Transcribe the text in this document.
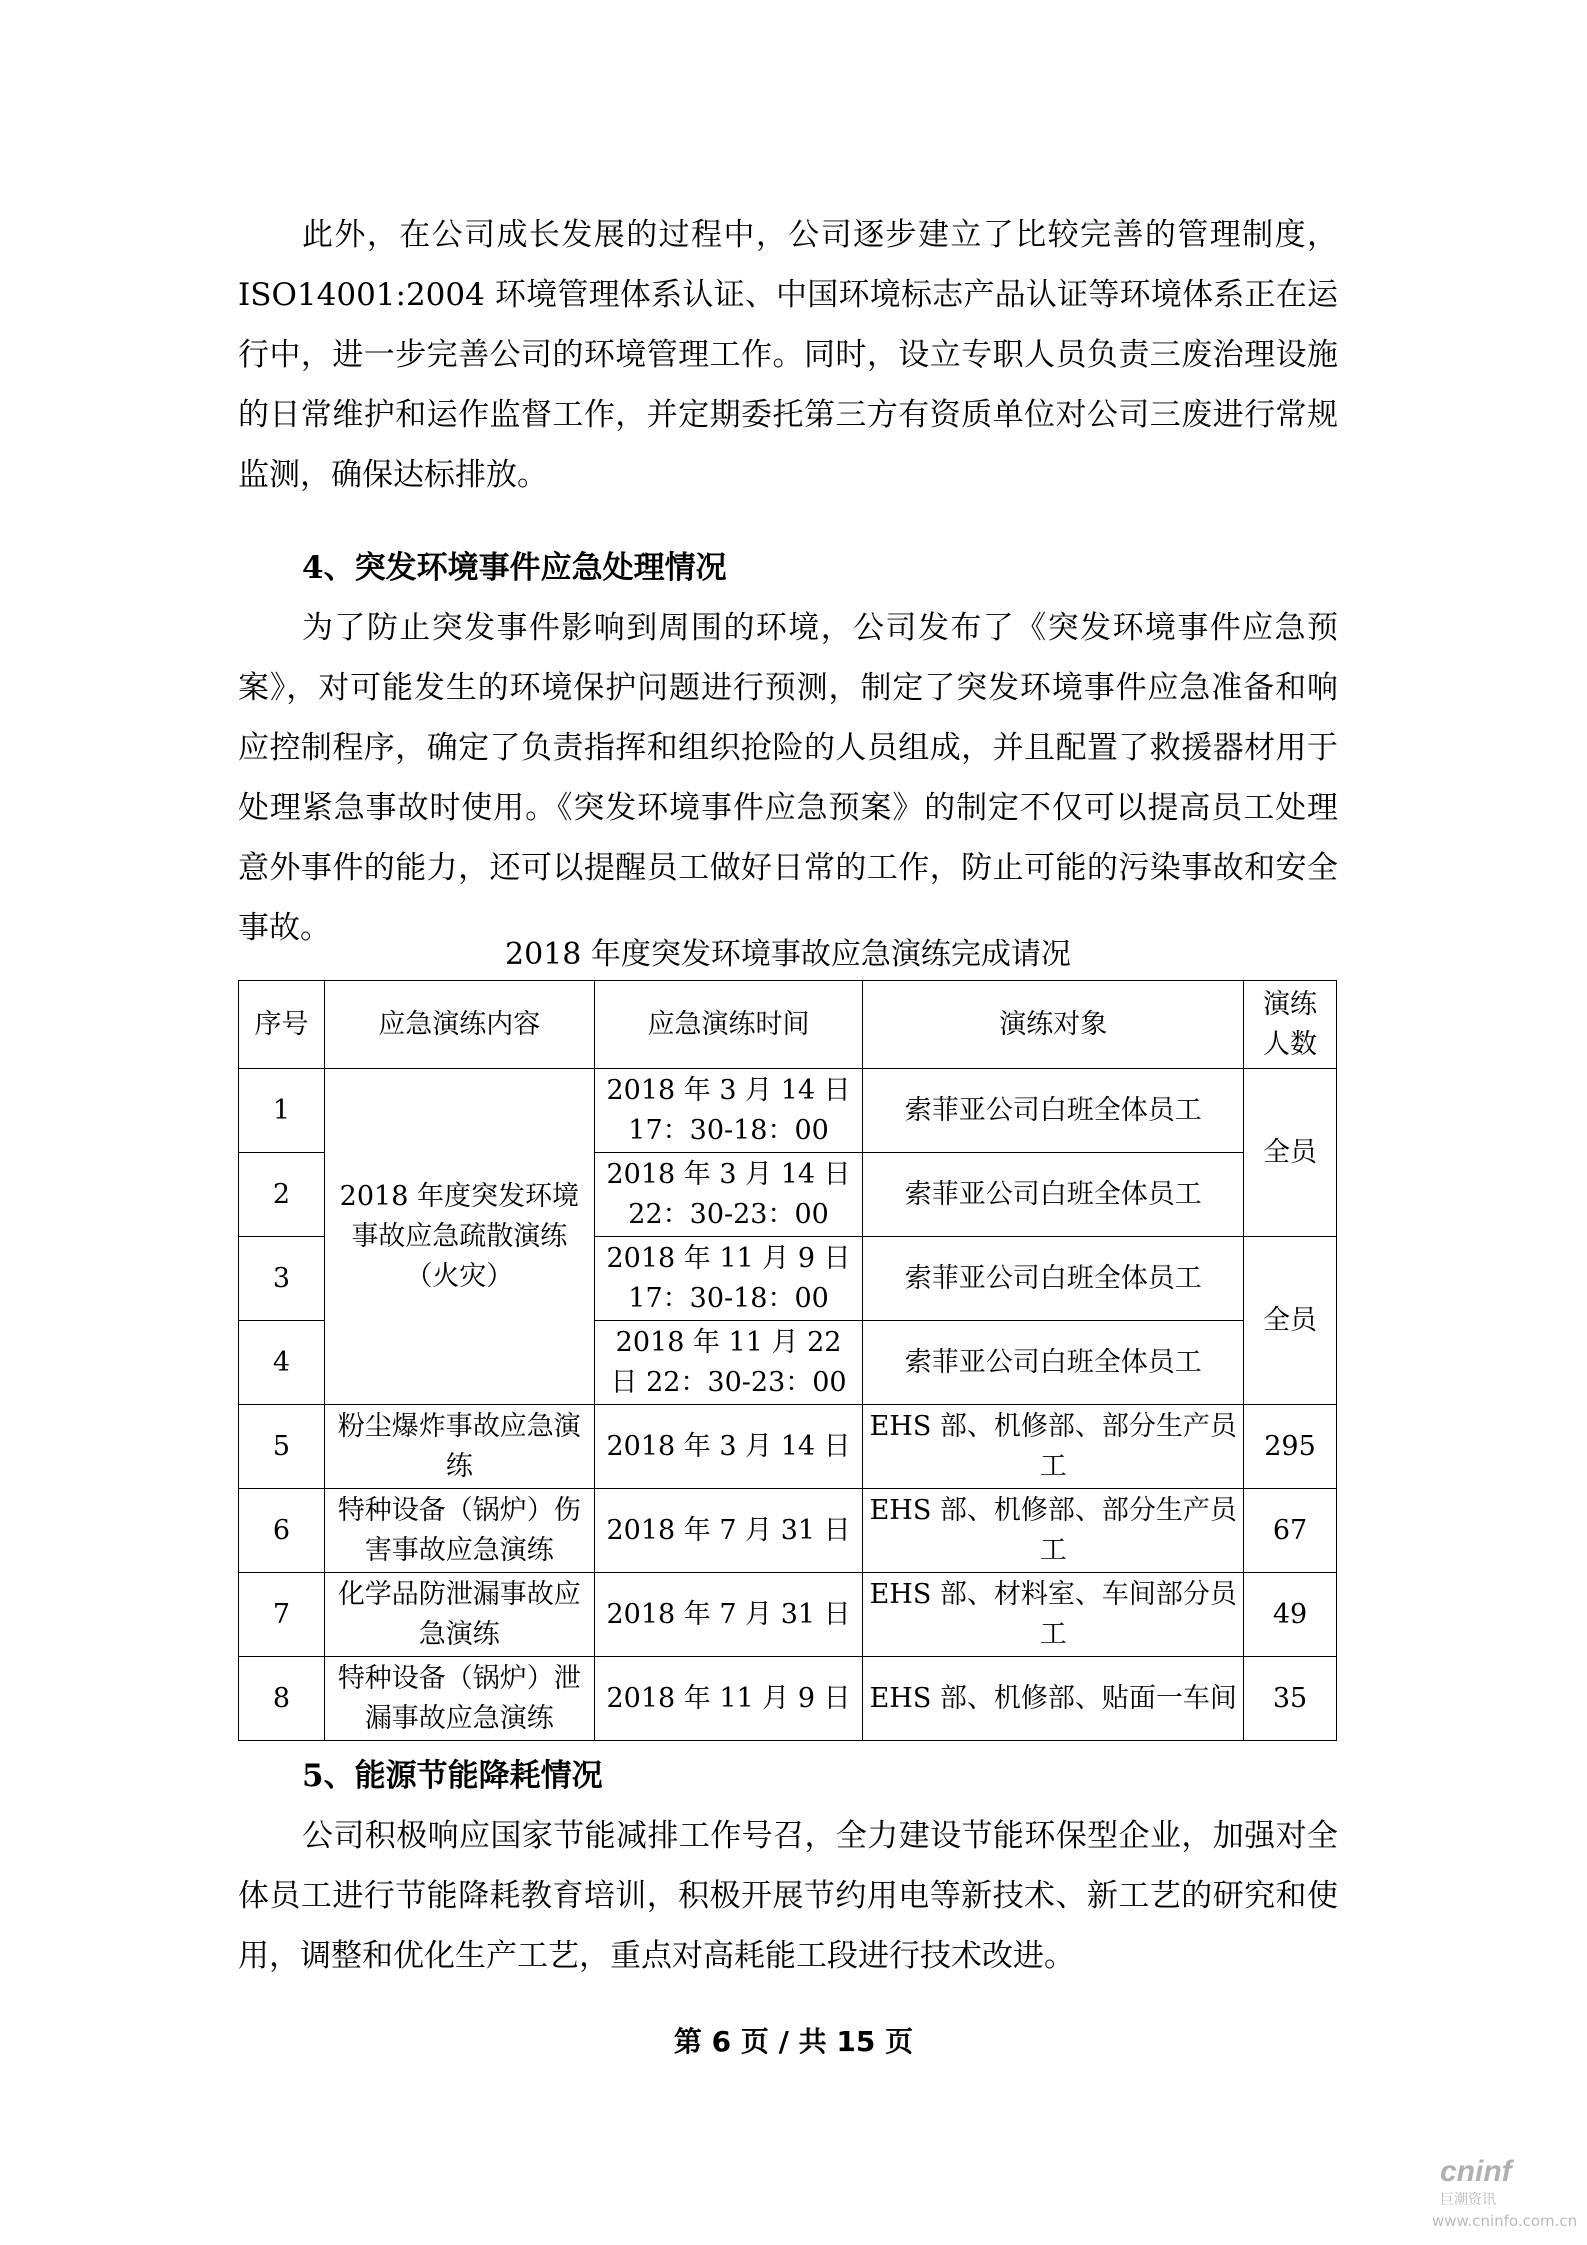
此外，在公司成长发展的过程中，公司逐步建立了比较完善的管理制度，ISO14001:2004 环境管理体系认证、中国环境标志产品认证等环境体系正在运行中，进一步完善公司的环境管理工作。同时，设立专职人员负责三废治理设施的日常维护和运作监督工作，并定期委托第三方有资质单位对公司三废进行常规监测，确保达标排放。

4、突发环境事件应急处理情况

为了防止突发事件影响到周围的环境，公司发布了《突发环境事件应急预案》，对可能发生的环境保护问题进行预测，制定了突发环境事件应急准备和响应控制程序，确定了负责指挥和组织抢险的人员组成，并且配置了救援器材用于处理紧急事故时使用。《突发环境事件应急预案》的制定不仅可以提高员工处理意外事件的能力，还可以提醒员工做好日常的工作，防止可能的污染事故和安全事故。

2018 年度突发环境事故应急演练完成请况

序号	应急演练内容	应急演练时间	演练对象	演练人数
1	2018 年度突发环境事故应急疏散演练（火灾）	2018 年 3 月 14 日 17：30-18：00	索菲亚公司白班全体员工	全员
2		2018 年 3 月 14 日 22：30-23：00	索菲亚公司白班全体员工	
3		2018 年 11 月 9 日 17：30-18：00	索菲亚公司白班全体员工	全员
4		2018 年 11 月 22 日 22：30-23：00	索菲亚公司白班全体员工	
5	粉尘爆炸事故应急演练	2018 年 3 月 14 日	EHS 部、机修部、部分生产员工	295
6	特种设备（锅炉）伤害事故应急演练	2018 年 7 月 31 日	EHS 部、机修部、部分生产员工	67
7	化学品防泄漏事故应急演练	2018 年 7 月 31 日	EHS 部、材料室、车间部分员工	49
8	特种设备（锅炉）泄漏事故应急演练	2018 年 11 月 9 日	EHS 部、机修部、贴面一车间	35

5、能源节能降耗情况

公司积极响应国家节能减排工作号召，全力建设节能环保型企业，加强对全体员工进行节能降耗教育培训，积极开展节约用电等新技术、新工艺的研究和使用，调整和优化生产工艺，重点对高耗能工段进行技术改进。

第 6 页 / 共 15 页
cninf
巨潮资讯
www.cninfo.com.cn
